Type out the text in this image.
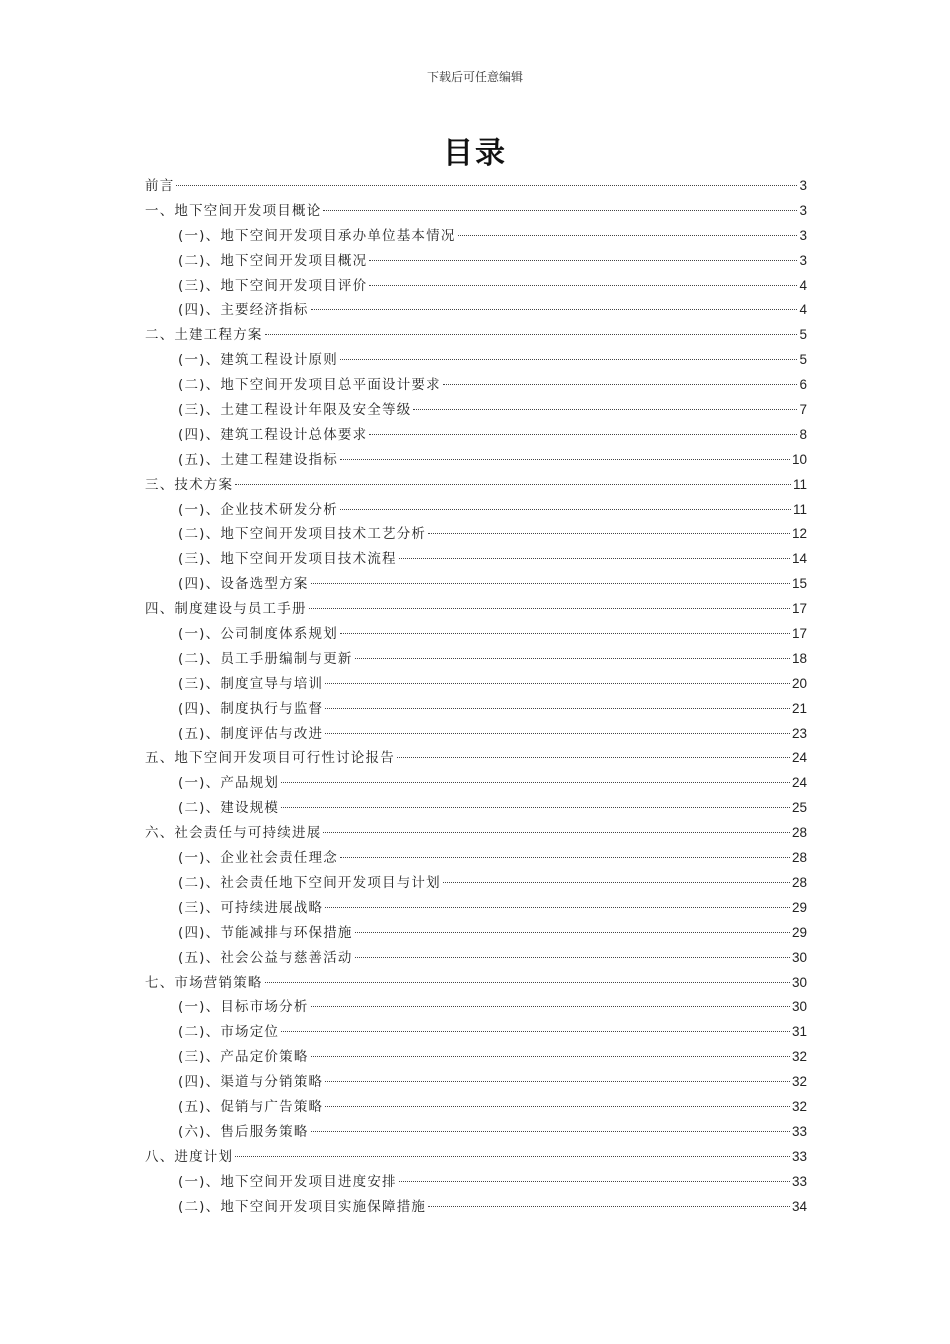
下载后可任意编辑
目录
前言	3
一、地下空间开发项目概论	3
(一)、地下空间开发项目承办单位基本情况	3
(二)、地下空间开发项目概况	3
(三)、地下空间开发项目评价	4
(四)、主要经济指标	4
二、土建工程方案	5
(一)、建筑工程设计原则	5
(二)、地下空间开发项目总平面设计要求	6
(三)、土建工程设计年限及安全等级	7
(四)、建筑工程设计总体要求	8
(五)、土建工程建设指标	10
三、技术方案	11
(一)、企业技术研发分析	11
(二)、地下空间开发项目技术工艺分析	12
(三)、地下空间开发项目技术流程	14
(四)、设备选型方案	15
四、制度建设与员工手册	17
(一)、公司制度体系规划	17
(二)、员工手册编制与更新	18
(三)、制度宣导与培训	20
(四)、制度执行与监督	21
(五)、制度评估与改进	23
五、地下空间开发项目可行性讨论报告	24
(一)、产品规划	24
(二)、建设规模	25
六、社会责任与可持续进展	28
(一)、企业社会责任理念	28
(二)、社会责任地下空间开发项目与计划	28
(三)、可持续进展战略	29
(四)、节能减排与环保措施	29
(五)、社会公益与慈善活动	30
七、市场营销策略	30
(一)、目标市场分析	30
(二)、市场定位	31
(三)、产品定价策略	32
(四)、渠道与分销策略	32
(五)、促销与广告策略	32
(六)、售后服务策略	33
八、进度计划	33
(一)、地下空间开发项目进度安排	33
(二)、地下空间开发项目实施保障措施	34
